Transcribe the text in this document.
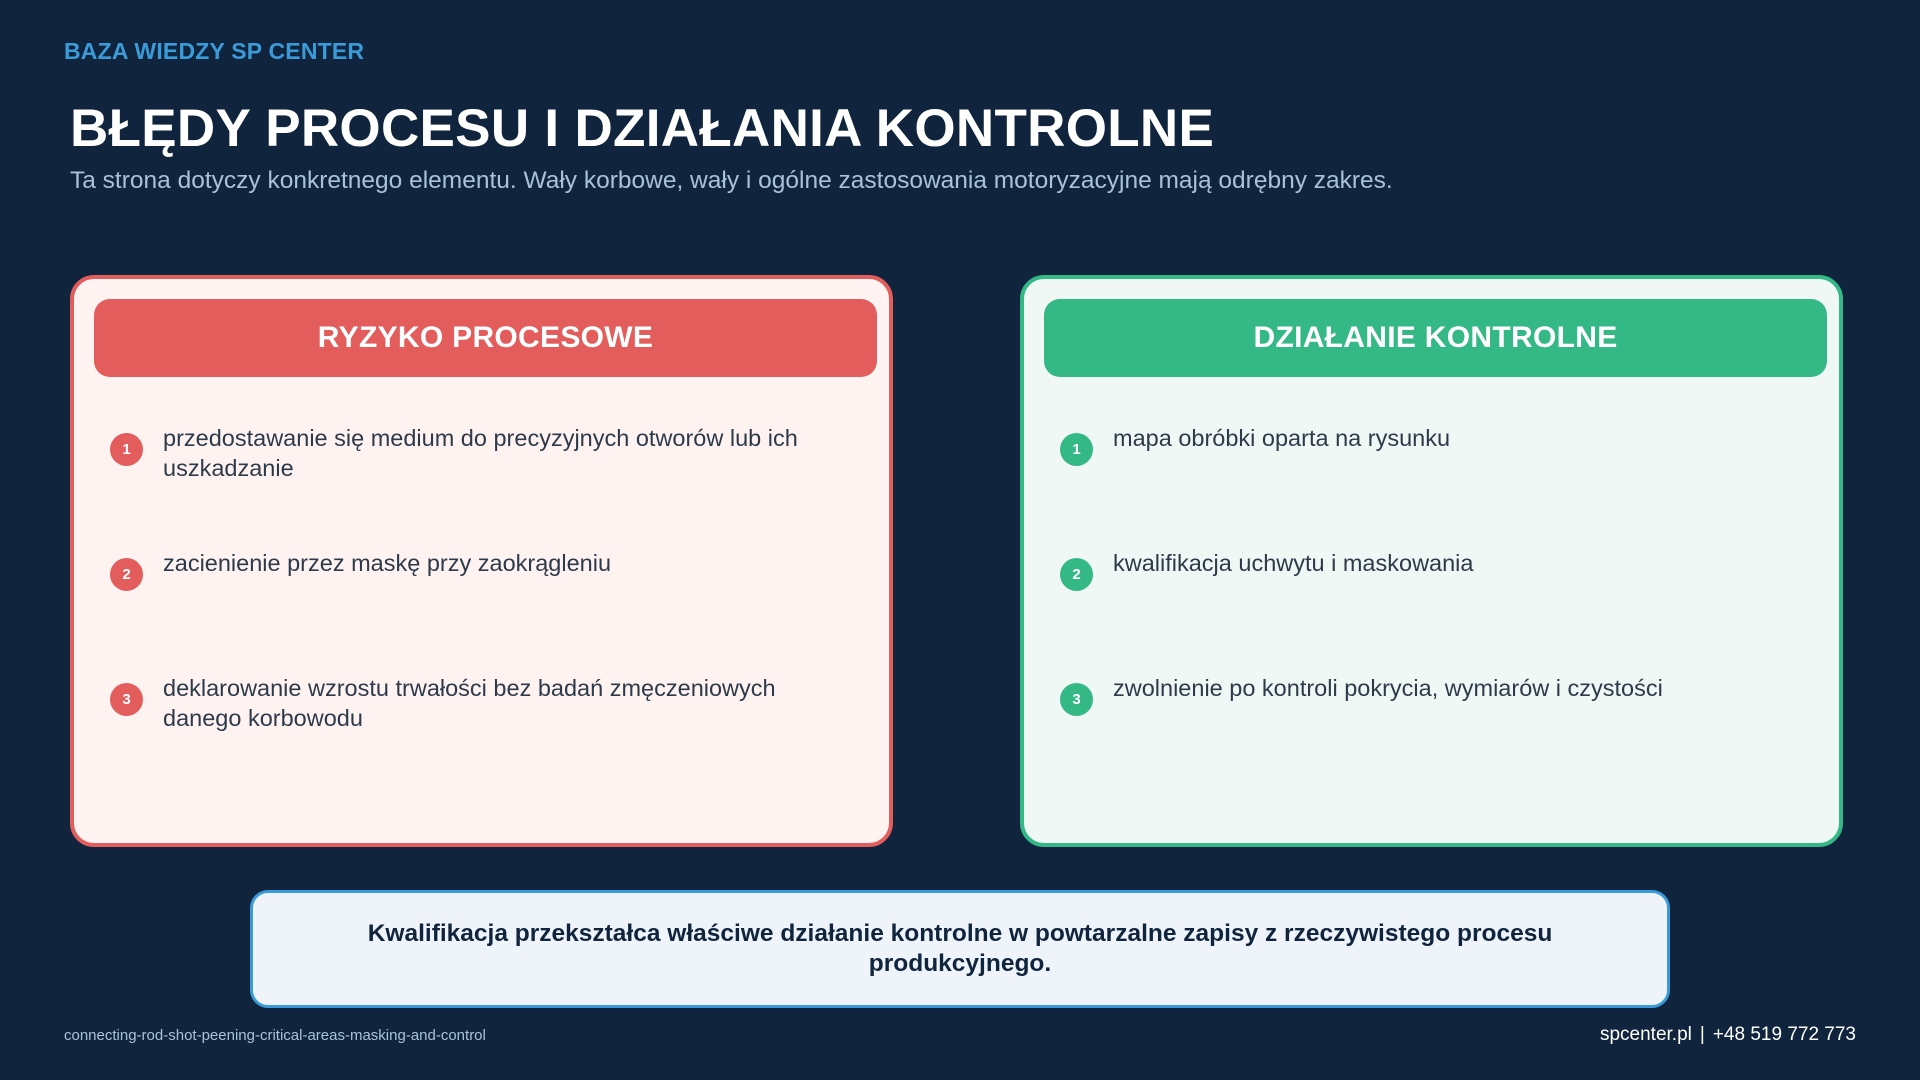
BAZA WIEDZY SP CENTER
BŁĘDY PROCESU I DZIAŁANIA KONTROLNE
Ta strona dotyczy konkretnego elementu. Wały korbowe, wały i ogólne zastosowania motoryzacyjne mają odrębny zakres.
RYZYKO PROCESOWE
1	przedostawanie się medium do precyzyjnych otworów lub ich uszkadzanie
2	zacienienie przez maskę przy zaokrągleniu
3	deklarowanie wzrostu trwałości bez badań zmęczeniowych danego korbowodu
DZIAŁANIE KONTROLNE
1	mapa obróbki oparta na rysunku
2	kwalifikacja uchwytu i maskowania
3	zwolnienie po kontroli pokrycia, wymiarów i czystości
Kwalifikacja przekształca właściwe działanie kontrolne w powtarzalne zapisy z rzeczywistego procesu produkcyjnego.
connecting-rod-shot-peening-critical-areas-masking-and-control	spcenter.pl | +48 519 772 773
